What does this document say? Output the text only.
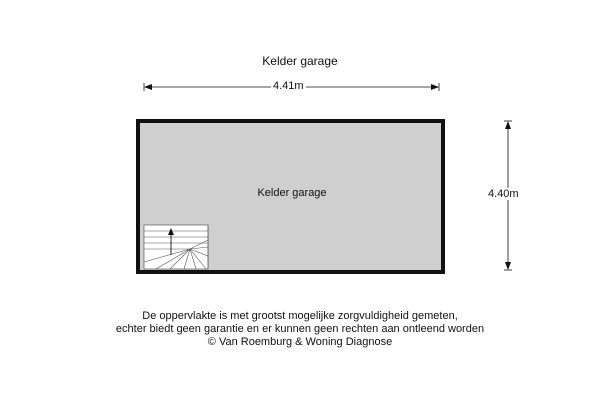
Kelder garage
4.41m
4.40m
Kelder garage
De oppervlakte is met grootst mogelijke zorgvuldigheid gemeten,
echter biedt geen garantie en er kunnen geen rechten aan ontleend worden
© Van Roemburg & Woning Diagnose
